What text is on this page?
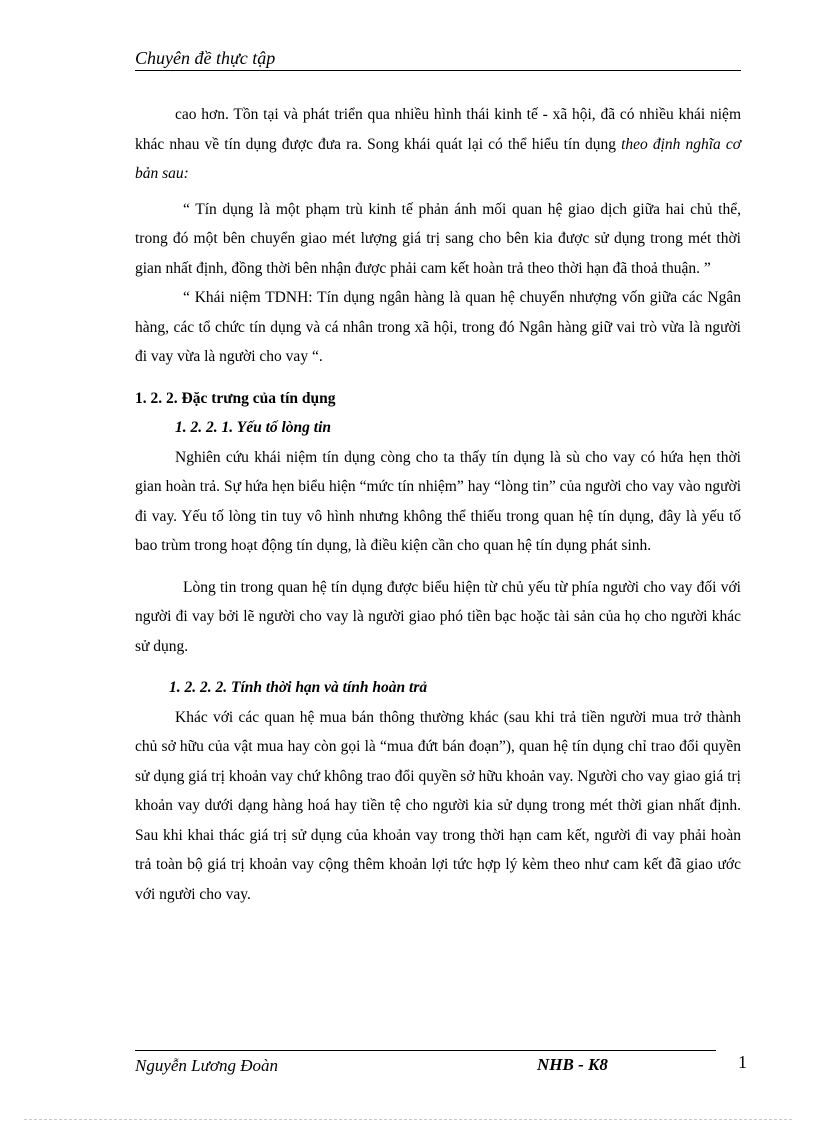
Chuyên đề thực tập

cao hơn. Tồn tại và phát triển qua nhiều hình thái kinh tế - xã hội, đã có nhiều khái niệm khác nhau về tín dụng được đưa ra. Song khái quát lại có thể hiểu tín dụng theo định nghĩa cơ bản sau:

“ Tín dụng là một phạm trù kinh tế phản ánh mối quan hệ giao dịch giữa hai chủ thể, trong đó một bên chuyển giao mét lượng giá trị sang cho bên kia được sử dụng trong mét thời gian nhất định, đồng thời bên nhận được phải cam kết hoàn trả theo thời hạn đã thoả thuận. ”

“ Khái niệm TDNH: Tín dụng ngân hàng là quan hệ chuyển nhượng vốn giữa các Ngân hàng, các tổ chức tín dụng và cá nhân trong xã hội, trong đó Ngân hàng giữ vai trò vừa là người đi vay vừa là người cho vay “.

1. 2. 2. Đặc trưng của tín dụng

1. 2. 2. 1. Yếu tố lòng tin

Nghiên cứu khái niệm tín dụng còng cho ta thấy tín dụng là sù cho vay có hứa hẹn thời gian hoàn trả. Sự hứa hẹn biểu hiện “mức tín nhiệm” hay “lòng tin” của người cho vay vào người đi vay. Yếu tố lòng tin tuy vô hình nhưng không thể thiếu trong quan hệ tín dụng, đây là yếu tố bao trùm trong hoạt động tín dụng, là điều kiện cần cho quan hệ tín dụng phát sinh.

Lòng tin trong quan hệ tín dụng được biểu hiện từ chủ yếu từ phía người cho vay đối với người đi vay bởi lẽ người cho vay là người giao phó tiền bạc hoặc tài sản của họ cho người khác sử dụng.

1. 2. 2. 2. Tính thời hạn và tính hoàn trả

Khác với các quan hệ mua bán thông thường khác (sau khi trả tiền người mua trở thành chủ sở hữu của vật mua hay còn gọi là “mua đứt bán đoạn”), quan hệ tín dụng chỉ trao đổi quyền sử dụng giá trị khoản vay chứ không trao đổi quyền sở hữu khoản vay. Người cho vay giao giá trị khoản vay dưới dạng hàng hoá hay tiền tệ cho người kia sử dụng trong mét thời gian nhất định. Sau khi khai thác giá trị sử dụng của khoản vay trong thời hạn cam kết, người đi vay phải hoàn trả toàn bộ giá trị khoản vay cộng thêm khoản lợi tức hợp lý kèm theo như cam kết đã giao ước với người cho vay.

Nguyễn Lương Đoàn	NHB - K8	1
